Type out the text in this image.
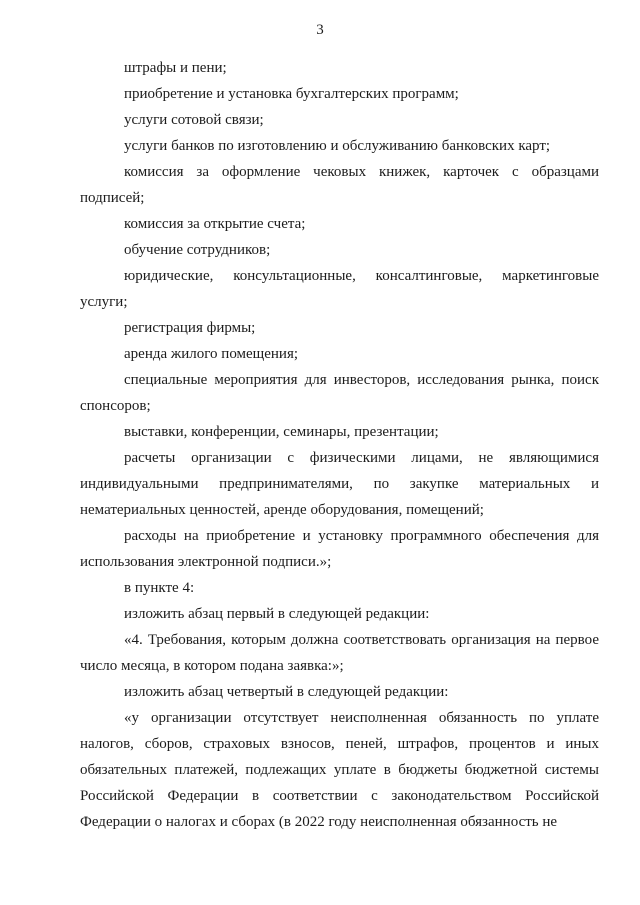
3
штрафы и пени;
приобретение и установка бухгалтерских программ;
услуги сотовой связи;
услуги банков по изготовлению и обслуживанию банковских карт;
комиссия за оформление чековых книжек, карточек с образцами
подписей;
комиссия за открытие счета;
обучение сотрудников;
юридические, консультационные, консалтинговые, маркетинговые
услуги;
регистрация фирмы;
аренда жилого помещения;
специальные мероприятия для инвесторов, исследования рынка, поиск
спонсоров;
выставки, конференции, семинары, презентации;
расчеты организации с физическими лицами, не являющимися
индивидуальными предпринимателями, по закупке материальных и
нематериальных ценностей, аренде оборудования, помещений;
расходы на приобретение и установку программного обеспечения для
использования электронной подписи.»;
в пункте 4:
изложить абзац первый в следующей редакции:
«4. Требования, которым должна соответствовать организация на первое
число месяца, в котором подана заявка:»;
изложить абзац четвертый в следующей редакции:
«у организации отсутствует неисполненная обязанность по уплате
налогов, сборов, страховых взносов, пеней, штрафов, процентов и иных
обязательных платежей, подлежащих уплате в бюджеты бюджетной системы
Российской Федерации в соответствии с законодательством Российской
Федерации о налогах и сборах (в 2022 году неисполненная обязанность не
